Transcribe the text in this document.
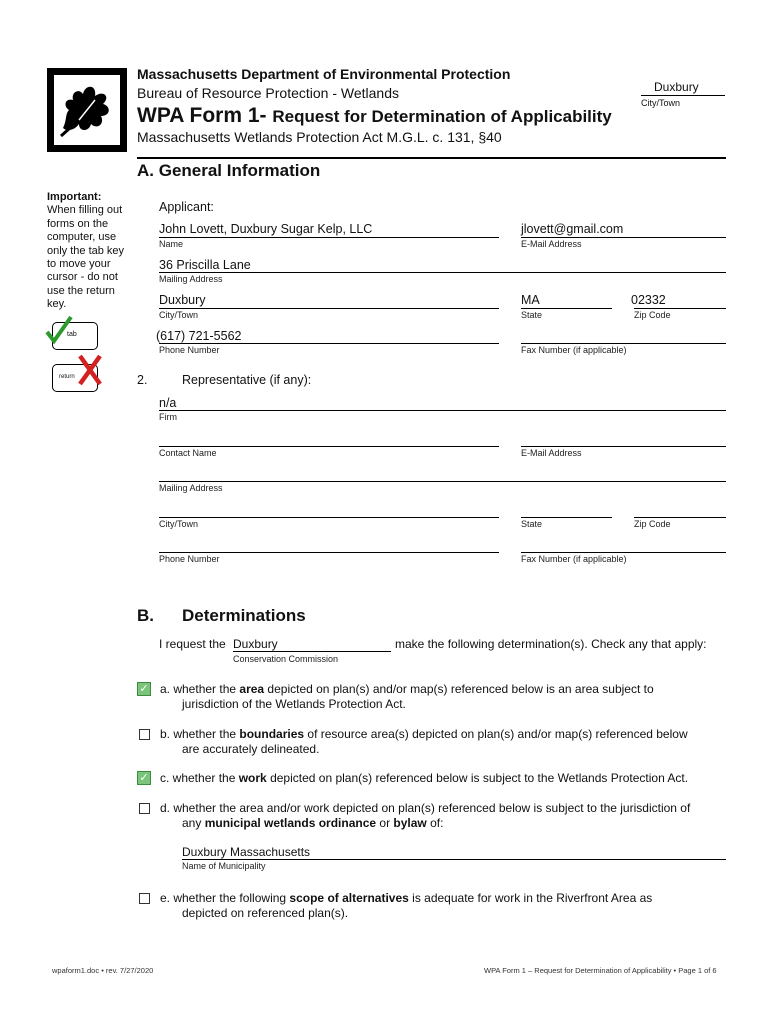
Massachusetts Department of Environmental Protection
Bureau of Resource Protection - Wetlands
WPA Form 1- Request for Determination of Applicability
Massachusetts Wetlands Protection Act M.G.L. c. 131, §40
Duxbury
City/Town
A. General Information
Important:
When filling out forms on the computer, use only the tab key to move your cursor - do not use the return key.
tab
return
Applicant:
John Lovett, Duxbury Sugar Kelp, LLC
Name
jlovett@gmail.com
E-Mail Address
36 Priscilla Lane
Mailing Address
Duxbury
City/Town
MA
State
02332
Zip Code
(617) 721-5562
Phone Number	Fax Number (if applicable)
2.	Representative (if any):
n/a
Firm
Contact Name	E-Mail Address
Mailing Address
City/Town	State	Zip Code
Phone Number	Fax Number (if applicable)
B. Determinations
I request the Duxbury
Conservation Commission
make the following determination(s). Check any that apply:
✓ a. whether the area depicted on plan(s) and/or map(s) referenced below is an area subject to
jurisdiction of the Wetlands Protection Act.
b. whether the boundaries of resource area(s) depicted on plan(s) and/or map(s) referenced below
are accurately delineated.
✓ c. whether the work depicted on plan(s) referenced below is subject to the Wetlands Protection Act.
d. whether the area and/or work depicted on plan(s) referenced below is subject to the jurisdiction of
any municipal wetlands ordinance or bylaw of:
Duxbury Massachusetts
Name of Municipality
e. whether the following scope of alternatives is adequate for work in the Riverfront Area as
depicted on referenced plan(s).
wpaform1.doc • rev. 7/27/2020	WPA Form 1 – Request for Determination of Applicability • Page 1 of 6
